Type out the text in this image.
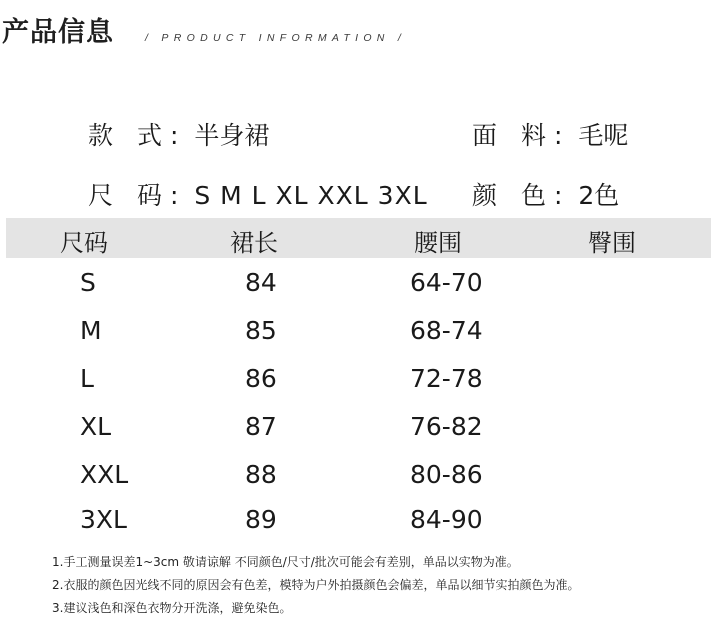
产品信息	/ PRODUCT INFORMATION /
款 式: 半身裙	面 料: 毛呢
尺 码: S M L XL XXL 3XL 颜 色: 2色
尺码	裙长	腰围	臀围
S	84	64-70
M	85	68-74
L	86	72-78
XL	87	76-82
XXL	88	80-86
3XL	89	84-90
1.手工测量误差1~3cm 敬请谅解 不同颜色/尺寸/批次可能会有差别，单品以实物为准。
2.衣服的颜色因光线不同的原因会有色差，模特为户外拍摄颜色会偏差，单品以细节实拍颜色为准。
3.建议浅色和深色衣物分开洗涤，避免染色。
